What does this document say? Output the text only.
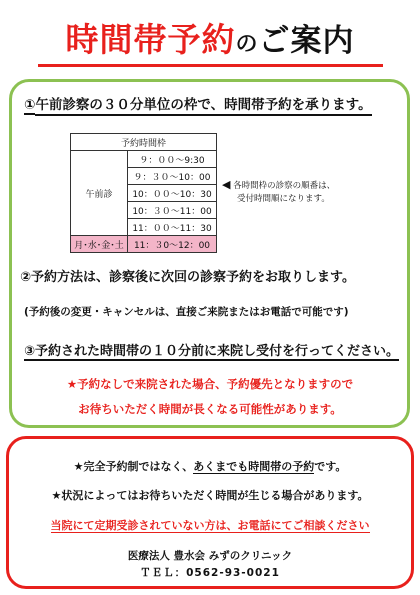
時間帯予約のご案内
①午前診察の３０分単位の枠で、時間帯予約を承ります。
予約時間枠	
午前診	９：００～9:30
	９：３０～10：00
	10：００～10：30
	10：３０～11：00
	11：００～11：30
月･水･金･土	11：３0～12：00
◀ 各時間枠の診察の順番は、
受付時間順になります。
②予約方法は、診察後に次回の診察予約をお取りします。
(予約後の変更・キャンセルは、直接ご来院またはお電話で可能です)
③予約された時間帯の１０分前に来院し受付を行ってください。
★予約なしで来院された場合、予約優先となりますので
お待ちいただく時間が長くなる可能性があります。
★完全予約制ではなく、あくまでも時間帯の予約です。
★状況によってはお待ちいただく時間が生じる場合があります。
当院にて定期受診されていない方は、お電話にてご相談ください
医療法人 豊水会 みずのクリニック
ＴＥＬ：0562-93-0021
